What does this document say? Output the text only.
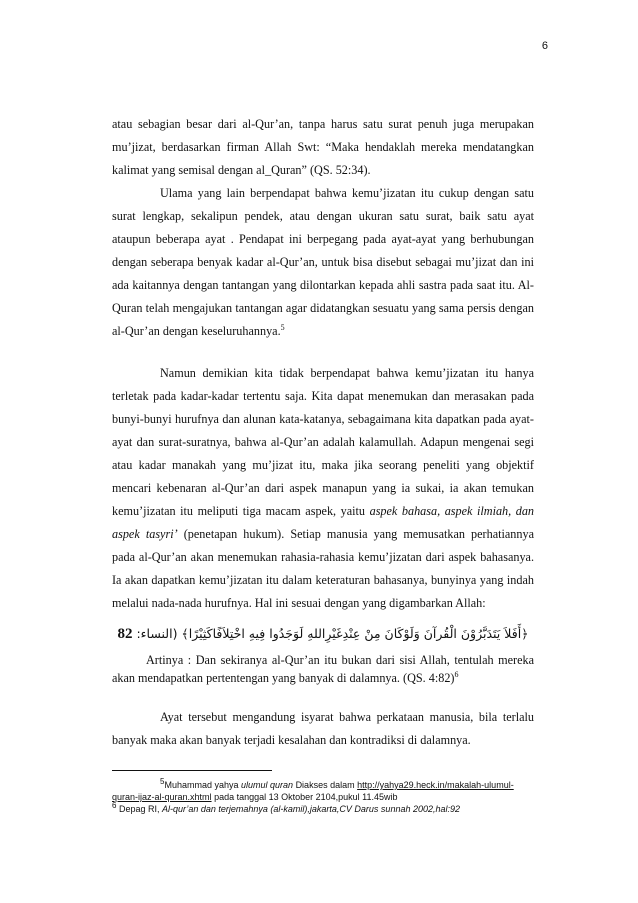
6

atau sebagian besar dari al-Qur’an, tanpa harus satu surat penuh juga merupakan mu’jizat, berdasarkan firman Allah Swt: “Maka hendaklah mereka mendatangkan kalimat yang semisal dengan al_Quran” (QS. 52:34).

Ulama yang lain berpendapat bahwa kemu’jizatan itu cukup dengan satu surat lengkap, sekalipun pendek, atau dengan ukuran satu surat, baik satu ayat ataupun beberapa ayat . Pendapat ini berpegang pada ayat-ayat yang berhubungan dengan seberapa benyak kadar al-Qur’an, untuk bisa disebut sebagai mu’jizat dan ini ada kaitannya dengan tantangan yang dilontarkan kepada ahli sastra pada saat itu. Al-Quran telah mengajukan tantangan agar didatangkan sesuatu yang sama persis dengan al-Qur’an dengan keseluruhannya.$^5$

Namun demikian kita tidak berpendapat bahwa kemu’jizatan itu hanya terletak pada kadar-kadar tertentu saja. Kita dapat menemukan dan merasakan pada bunyi-bunyi hurufnya dan alunan kata-katanya, sebagaimana kita dapatkan pada ayat-ayat dan surat-suratnya, bahwa al-Qur’an adalah kalamullah. Adapun mengenai segi atau kadar manakah yang mu’jizat itu, maka jika seorang peneliti yang objektif mencari kebenaran al-Qur’an dari aspek manapun yang ia sukai, ia akan temukan kemu’jizatan itu meliputi tiga macam aspek, yaitu aspek bahasa, aspek ilmiah, dan aspek tasyri’ (penetapan hukum). Setiap manusia yang memusatkan perhatiannya pada al-Qur’an akan menemukan rahasia-rahasia kemu’jizatan dari aspek bahasanya. Ia akan dapatkan kemu’jizatan itu dalam keteraturan bahasanya, bunyinya yang indah melalui nada-nada hurufnya. Hal ini sesuai dengan yang digambarkan Allah:

﴿أَفَلاَ يَتَدَبَّرُوْنَ الْقُرآنَ وَلَوْكَانَ مِنْ عِنْدِغَيْرِاللهِ لَوَجَدُوا فِيهِ اخْتِلاَفًاكَثِيْرًا﴾ (النساء: 82

Artinya : Dan sekiranya al-Qur’an itu bukan dari sisi Allah, tentulah mereka akan mendapatkan pertentengan yang banyak di dalamnya. (QS. 4:82)$^6$

Ayat tersebut mengandung isyarat bahwa perkataan manusia, bila terlalu banyak maka akan banyak terjadi kesalahan dan kontradiksi di dalamnya.

$^5$Muhammad yahya ulumul quran Diakses dalam http://yahya29.heck.in/makalah-ulumul-quran-ijaz-al-quran.xhtml pada tanggal 13 Oktober 2104,pukul 11.45wib

$^6$ Depag RI, Al-qur’an dan terjemahnya (al-kamil),jakarta,CV Darus sunnah 2002,hal:92
